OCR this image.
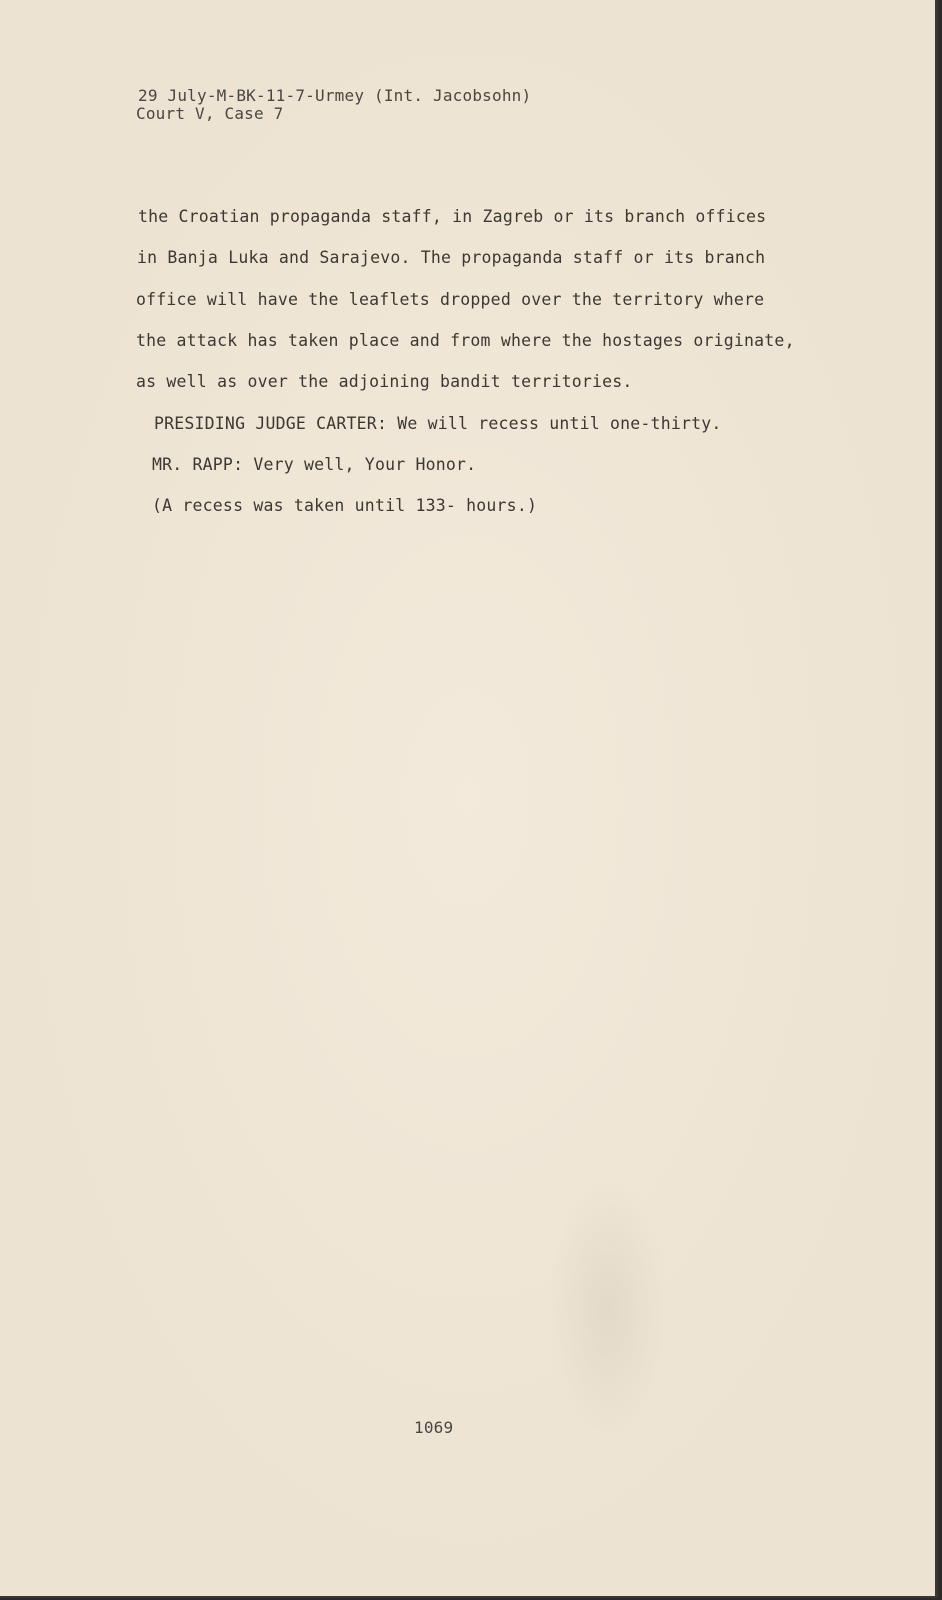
29 July-M-BK-11-7-Urmey (Int. Jacobsohn)
Court V, Case 7
the Croatian propaganda staff, in Zagreb or its branch offices
in Banja Luka and Sarajevo. The propaganda staff or its branch
office will have the leaflets dropped over the territory where
the attack has taken place and from where the hostages originate,
as well as over the adjoining bandit territories.
PRESIDING JUDGE CARTER: We will recess until one-thirty.
MR. RAPP: Very well, Your Honor.
(A recess was taken until 133- hours.)
1069
